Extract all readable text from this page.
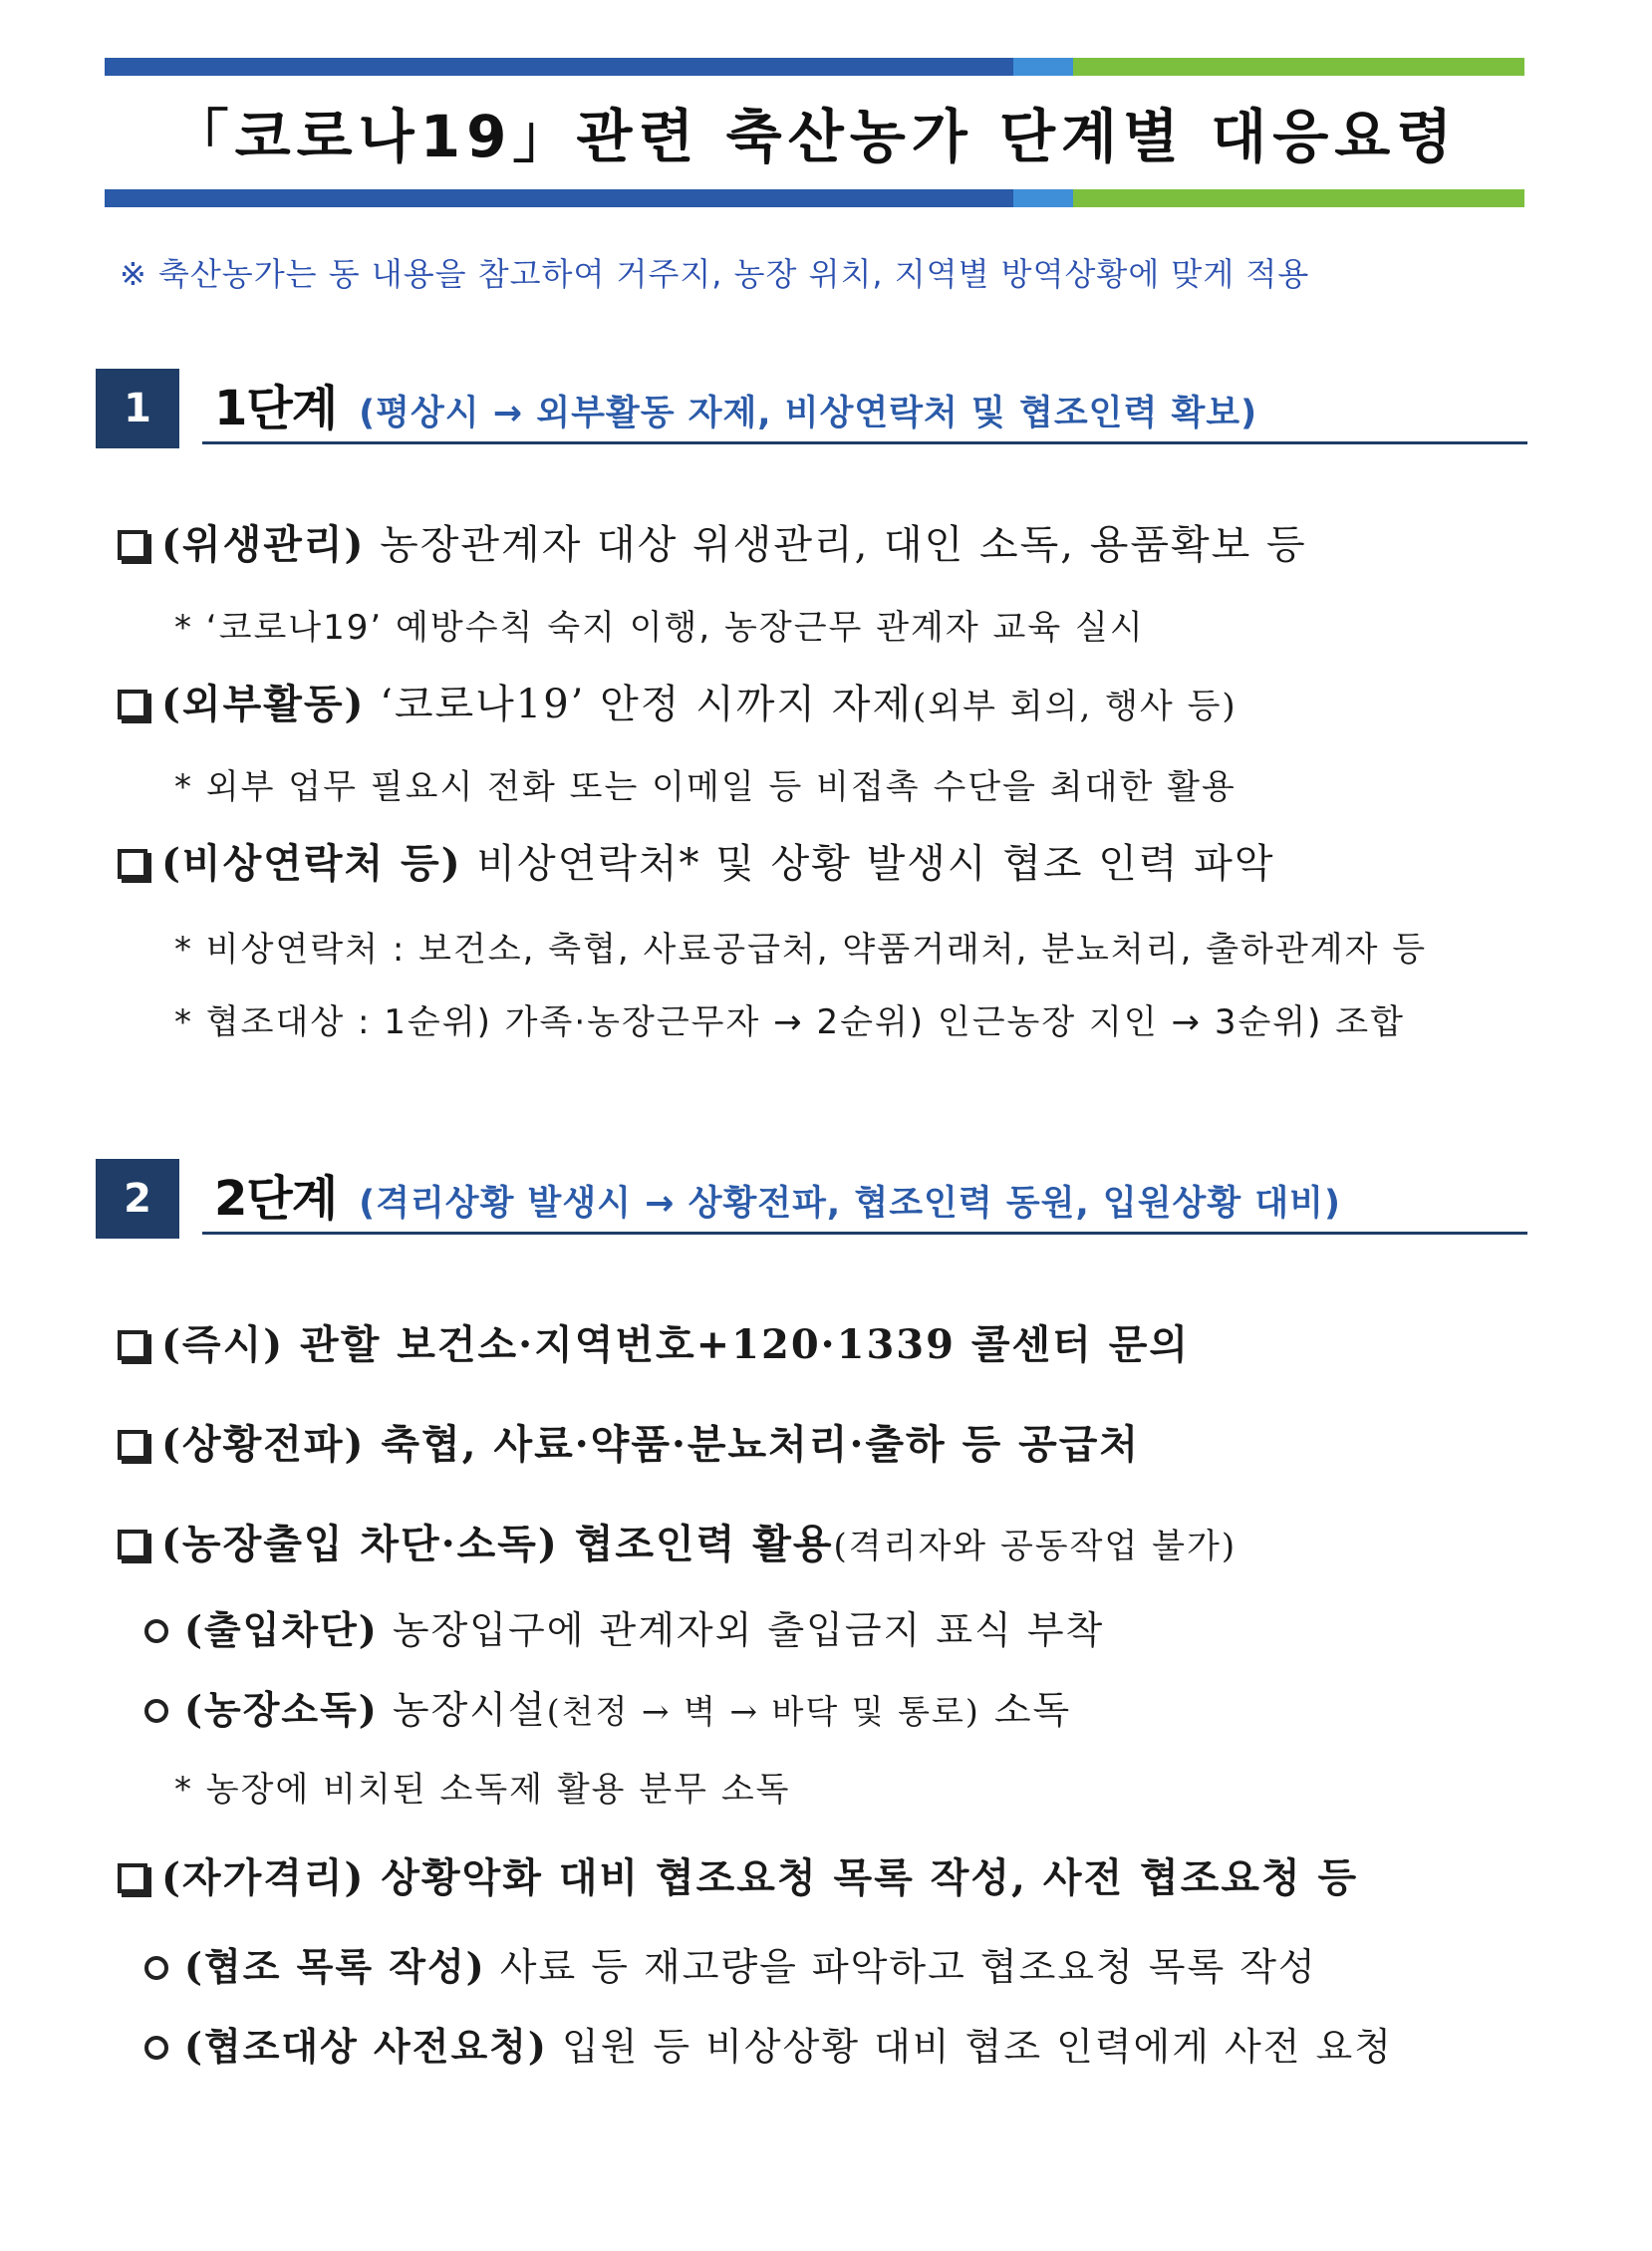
「코로나19」관련 축산농가 단계별 대응요령
※ 축산농가는 동 내용을 참고하여 거주지, 농장 위치, 지역별 방역상황에 맞게 적용
1	1단계 (평상시 → 외부활동 자제, 비상연락처 및 협조인력 확보)
(위생관리) 농장관계자 대상 위생관리, 대인 소독, 용품확보 등
* ‘코로나19’ 예방수칙 숙지 이행, 농장근무 관계자 교육 실시
(외부활동) ‘코로나19’ 안정 시까지 자제(외부 회의, 행사 등)
* 외부 업무 필요시 전화 또는 이메일 등 비접촉 수단을 최대한 활용
(비상연락처 등) 비상연락처* 및 상황 발생시 협조 인력 파악
* 비상연락처 : 보건소, 축협, 사료공급처, 약품거래처, 분뇨처리, 출하관계자 등
* 협조대상 : 1순위) 가족·농장근무자 → 2순위) 인근농장 지인 → 3순위) 조합
2	2단계 (격리상황 발생시 → 상황전파, 협조인력 동원, 입원상황 대비)
(즉시) 관할 보건소·지역번호+120·1339 콜센터 문의
(상황전파) 축협, 사료·약품·분뇨처리·출하 등 공급처
(농장출입 차단·소독) 협조인력 활용(격리자와 공동작업 불가)
(출입차단) 농장입구에 관계자외 출입금지 표식 부착
(농장소독) 농장시설(천정 → 벽 → 바닥 및 통로) 소독
* 농장에 비치된 소독제 활용 분무 소독
(자가격리) 상황악화 대비 협조요청 목록 작성, 사전 협조요청 등
(협조 목록 작성) 사료 등 재고량을 파악하고 협조요청 목록 작성
(협조대상 사전요청) 입원 등 비상상황 대비 협조 인력에게 사전 요청
